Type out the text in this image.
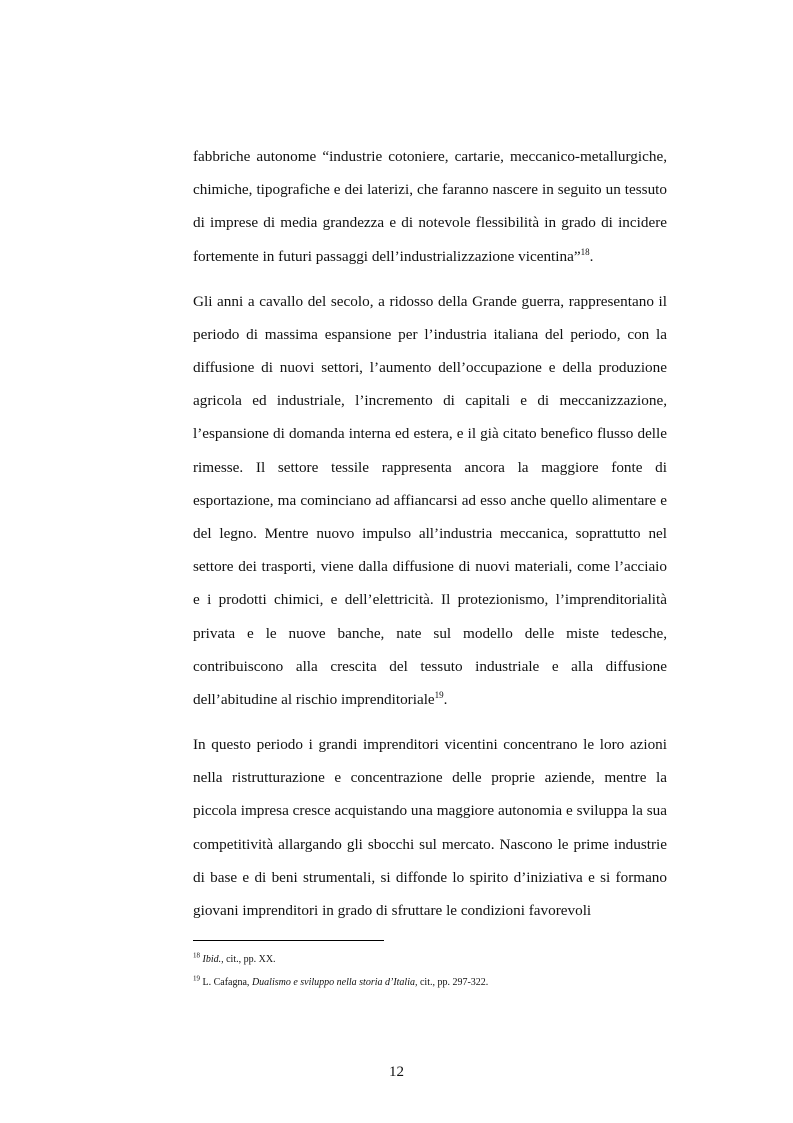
fabbriche autonome “industrie cotoniere, cartarie, meccanico-metallurgiche, chimiche, tipografiche e dei laterizi, che faranno nascere in seguito un tessuto di imprese di media grandezza e di notevole flessibilità in grado di incidere fortemente in futuri passaggi dell’industrializzazione vicentina”$^{18}$.

Gli anni a cavallo del secolo, a ridosso della Grande guerra, rappresentano il periodo di massima espansione per l’industria italiana del periodo, con la diffusione di nuovi settori, l’aumento dell’occupazione e della produzione agricola ed industriale, l’incremento di capitali e di meccanizzazione, l’espansione di domanda interna ed estera, e il già citato benefico flusso delle rimesse. Il settore tessile rappresenta ancora la maggiore fonte di esportazione, ma cominciano ad affiancarsi ad esso anche quello alimentare e del legno. Mentre nuovo impulso all’industria meccanica, soprattutto nel settore dei trasporti, viene dalla diffusione di nuovi materiali, come l’acciaio e i prodotti chimici, e dell’elettricità. Il protezionismo, l’imprenditorialità privata e le nuove banche, nate sul modello delle miste tedesche, contribuiscono alla crescita del tessuto industriale e alla diffusione dell’abitudine al rischio imprenditoriale$^{19}$.

In questo periodo i grandi imprenditori vicentini concentrano le loro azioni nella ristrutturazione e concentrazione delle proprie aziende, mentre la piccola impresa cresce acquistando una maggiore autonomia e sviluppa la sua competitività allargando gli sbocchi sul mercato. Nascono le prime industrie di base e di beni strumentali, si diffonde lo spirito d’iniziativa e si formano giovani imprenditori in grado di sfruttare le condizioni favorevoli

$^{18}$ Ibid., cit., pp. XX.

$^{19}$ L. Cafagna, Dualismo e sviluppo nella storia d’Italia, cit., pp. 297-322.

12
